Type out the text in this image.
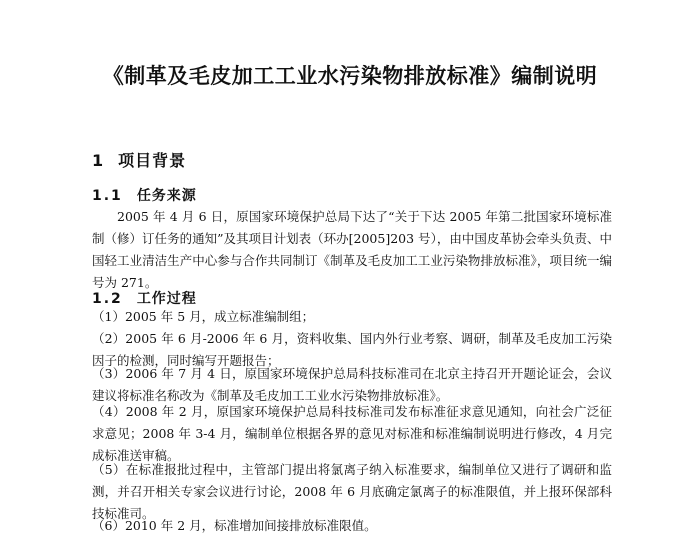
《制革及毛皮加工工业水污染物排放标准》编制说明
1 项目背景
1.1 任务来源
2005 年 4 月 6 日，原国家环境保护总局下达了“关于下达 2005 年第二批国家环境标准制（修）订任务的通知”及其项目计划表（环办[2005]203 号），由中国皮革协会牵头负责、中国轻工业清洁生产中心参与合作共同制订《制革及毛皮加工工业污染物排放标准》，项目统一编号为 271。
1.2 工作过程
（1）2005 年 5 月，成立标准编制组；
（2）2005 年 6 月-2006 年 6 月，资料收集、国内外行业考察、调研，制革及毛皮加工污染因子的检测，同时编写开题报告；
（3）2006 年 7 月 4 日，原国家环境保护总局科技标准司在北京主持召开开题论证会，会议建议将标准名称改为《制革及毛皮加工工业水污染物排放标准》。
（4）2008 年 2 月，原国家环境保护总局科技标准司发布标准征求意见通知，向社会广泛征求意见；2008 年 3-4 月，编制单位根据各界的意见对标准和标准编制说明进行修改，4 月完成标准送审稿。
（5）在标准报批过程中，主管部门提出将氯离子纳入标准要求，编制单位又进行了调研和监测，并召开相关专家会议进行讨论，2008 年 6 月底确定氯离子的标准限值，并上报环保部科技标准司。
（6）2010 年 2 月，标准增加间接排放标准限值。
